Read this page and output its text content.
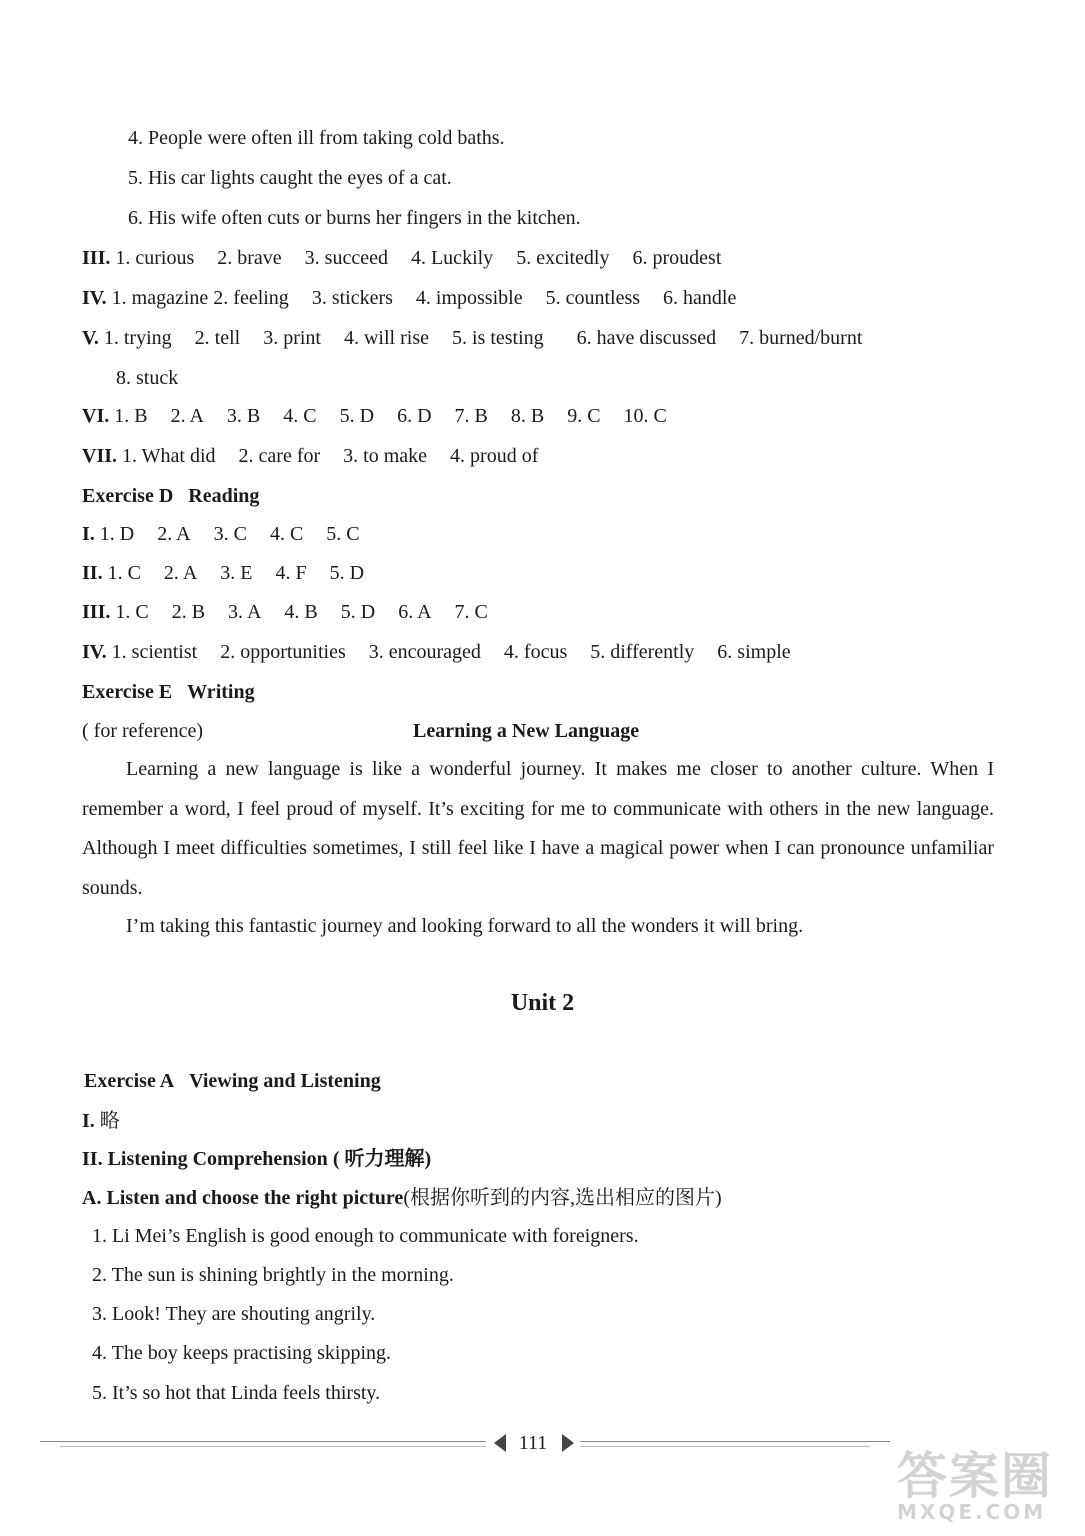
4. People were often ill from taking cold baths.
5. His car lights caught the eyes of a cat.
6. His wife often cuts or burns her fingers in the kitchen.
III. 1. curious 2. brave 3. succeed 4. Luckily 5. excitedly 6. proudest
IV. 1. magazine 2. feeling 3. stickers 4. impossible 5. countless 6. handle
V. 1. trying 2. tell 3. print 4. will rise 5. is testing 6. have discussed 7. burned/burnt
8. stuck
VI. 1. B 2. A 3. B 4. C 5. D 6. D 7. B 8. B 9. C 10. C
VII. 1. What did 2. care for 3. to make 4. proud of
Exercise D Reading
I. 1. D 2. A 3. C 4. C 5. C
II. 1. C 2. A 3. E 4. F 5. D
III. 1. C 2. B 3. A 4. B 5. D 6. A 7. C
IV. 1. scientist 2. opportunities 3. encouraged 4. focus 5. differently 6. simple
Exercise E Writing
( for reference)	Learning a New Language
Learning a new language is like a wonderful journey. It makes me closer to another culture. When I remember a word, I feel proud of myself. It’s exciting for me to communicate with others in the new language. Although I meet difficulties sometimes, I still feel like I have a magical power when I can pronounce unfamiliar sounds.
I’m taking this fantastic journey and looking forward to all the wonders it will bring.
Unit 2
Exercise A Viewing and Listening
I. 略
II. Listening Comprehension ( 听力理解)
A. Listen and choose the right picture(根据你听到的内容,选出相应的图片)
1. Li Mei’s English is good enough to communicate with foreigners.
2. The sun is shining brightly in the morning.
3. Look! They are shouting angrily.
4. The boy keeps practising skipping.
5. It’s so hot that Linda feels thirsty.
111
答案圈
MXQE.COM
